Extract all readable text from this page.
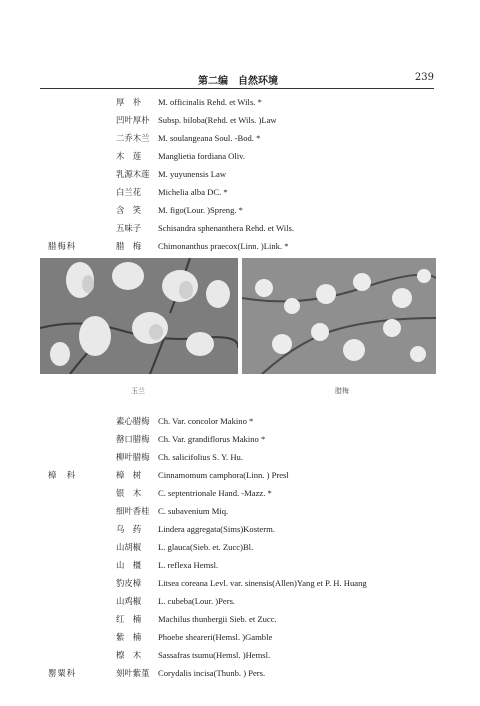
第二编　自然环境	239
厚　朴	M. officinalis Rehd. et Wils. *
凹叶厚朴 Subsp. biloba(Rehd. et Wils. )Law
二乔木兰 M. soulangeana Soul. -Bod. *
木　莲	Manglietia fordiana Oliv.
乳源木莲 M. yuyunensis Law
白兰花	Michelia alba DC. *
含　笑	M. figo(Lour. )Spreng. *
五味子	Schisandra sphenanthera Rehd. et Wils.
腊梅科	腊　梅	Chimonanthus praecox(Linn. )Link. *
素心腊梅 Ch. Var. concolor Makino *
罄口腊梅 Ch. Var. grandiflorus Makino *
柳叶腊梅 Ch. salicifolius S. Y. Hu.
樟　科	樟　树	Cinnamomum camphora(Linn. ) Presl
银　木	C. septentrionale Hand. -Mazz. *
细叶香桂 C. subavenium Miq.
乌　药	Lindera aggregata(Sims)Kosterm.
山胡椒	L. glauca(Sieb. et. Zucc)Bl.
山　橿	L. reflexa Hemsl.
豹皮樟	Litsea coreana Levl. var. sinensis(Allen)Yang et P. H. Huang
山鸡椒	L. cubeba(Lour. )Pers.
红　楠	Machilus thunbergii Sieb. et Zucc.
紫　楠	Phoebe sheareri(Hemsl. )Gamble
檫　木	Sassafras tsumu(Hemsl. )Hemsl.
罂粟科	刻叶紫堇 Corydalis incisa(Thunb. ) Pers.
玉兰	腊梅
